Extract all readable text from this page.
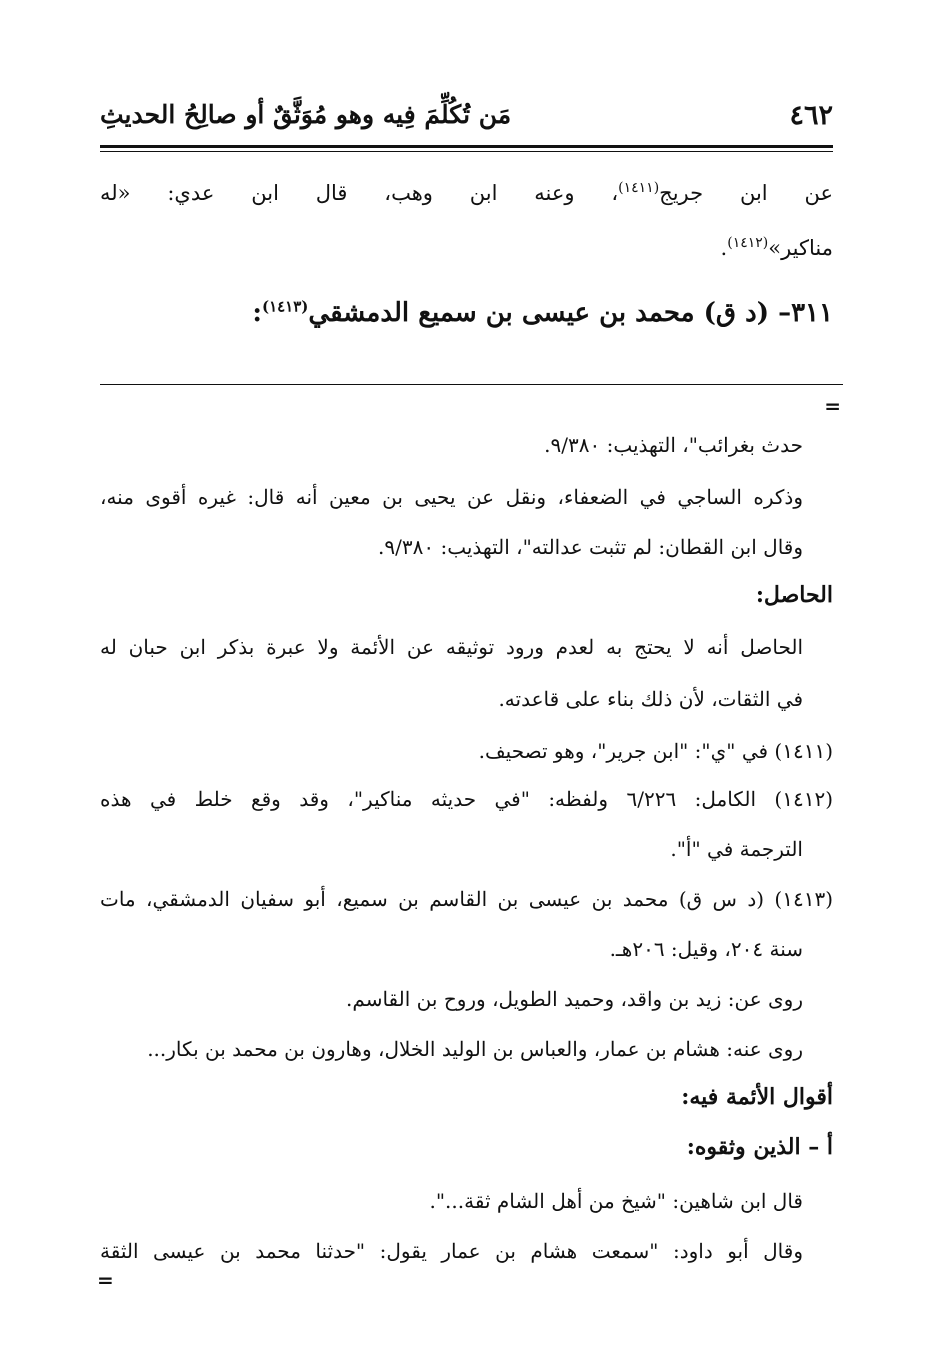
٤٦٢
مَن تُكُلِّمَ فِيه وهو مُوَثَّقٌ أو صالِحُ الحديثِ
عن ابن جريج$^{(١٤١١)}$، وعنه ابن وهب، قال ابن عدي: «له
مناكير»$^{(١٤١٢)}$.
٣١١– (د ق) محمد بن عيسى بن سميع الدمشقي$^{(١٤١٣)}$:
=
حدث بغرائب"، التهذيب: ٩/٣٨٠.
وذكره الساجي في الضعفاء، ونقل عن يحيى بن معين أنه قال: غيره أقوى منه،
وقال ابن القطان: لم تثبت عدالته"، التهذيب: ٩/٣٨٠.
الحاصل:
الحاصل أنه لا يحتج به لعدم ورود توثيقه عن الأئمة ولا عبرة بذكر ابن حبان له
في الثقات، لأن ذلك بناء على قاعدته.
(١٤١١) في "ي": "ابن جرير"، وهو تصحيف.
(١٤١٢) الكامل: ٦/٢٢٦ ولفظه: "في حديثه مناكير"، وقد وقع خلط في هذه
الترجمة في "أ".
(١٤١٣) (د س ق) محمد بن عيسى بن القاسم بن سميع، أبو سفيان الدمشقي، مات
سنة ٢٠٤، وقيل: ٢٠٦هـ.
روى عن: زيد بن واقد، وحميد الطويل، وروح بن القاسم.
روى عنه: هشام بن عمار، والعباس بن الوليد الخلال، وهارون بن محمد بن بكار...
أقوال الأئمة فيه:
أ – الذين وثقوه:
قال ابن شاهين: "شيخ من أهل الشام ثقة...".
وقال أبو داود: "سمعت هشام بن عمار يقول: "حدثنا محمد بن عيسى الثقة
=
